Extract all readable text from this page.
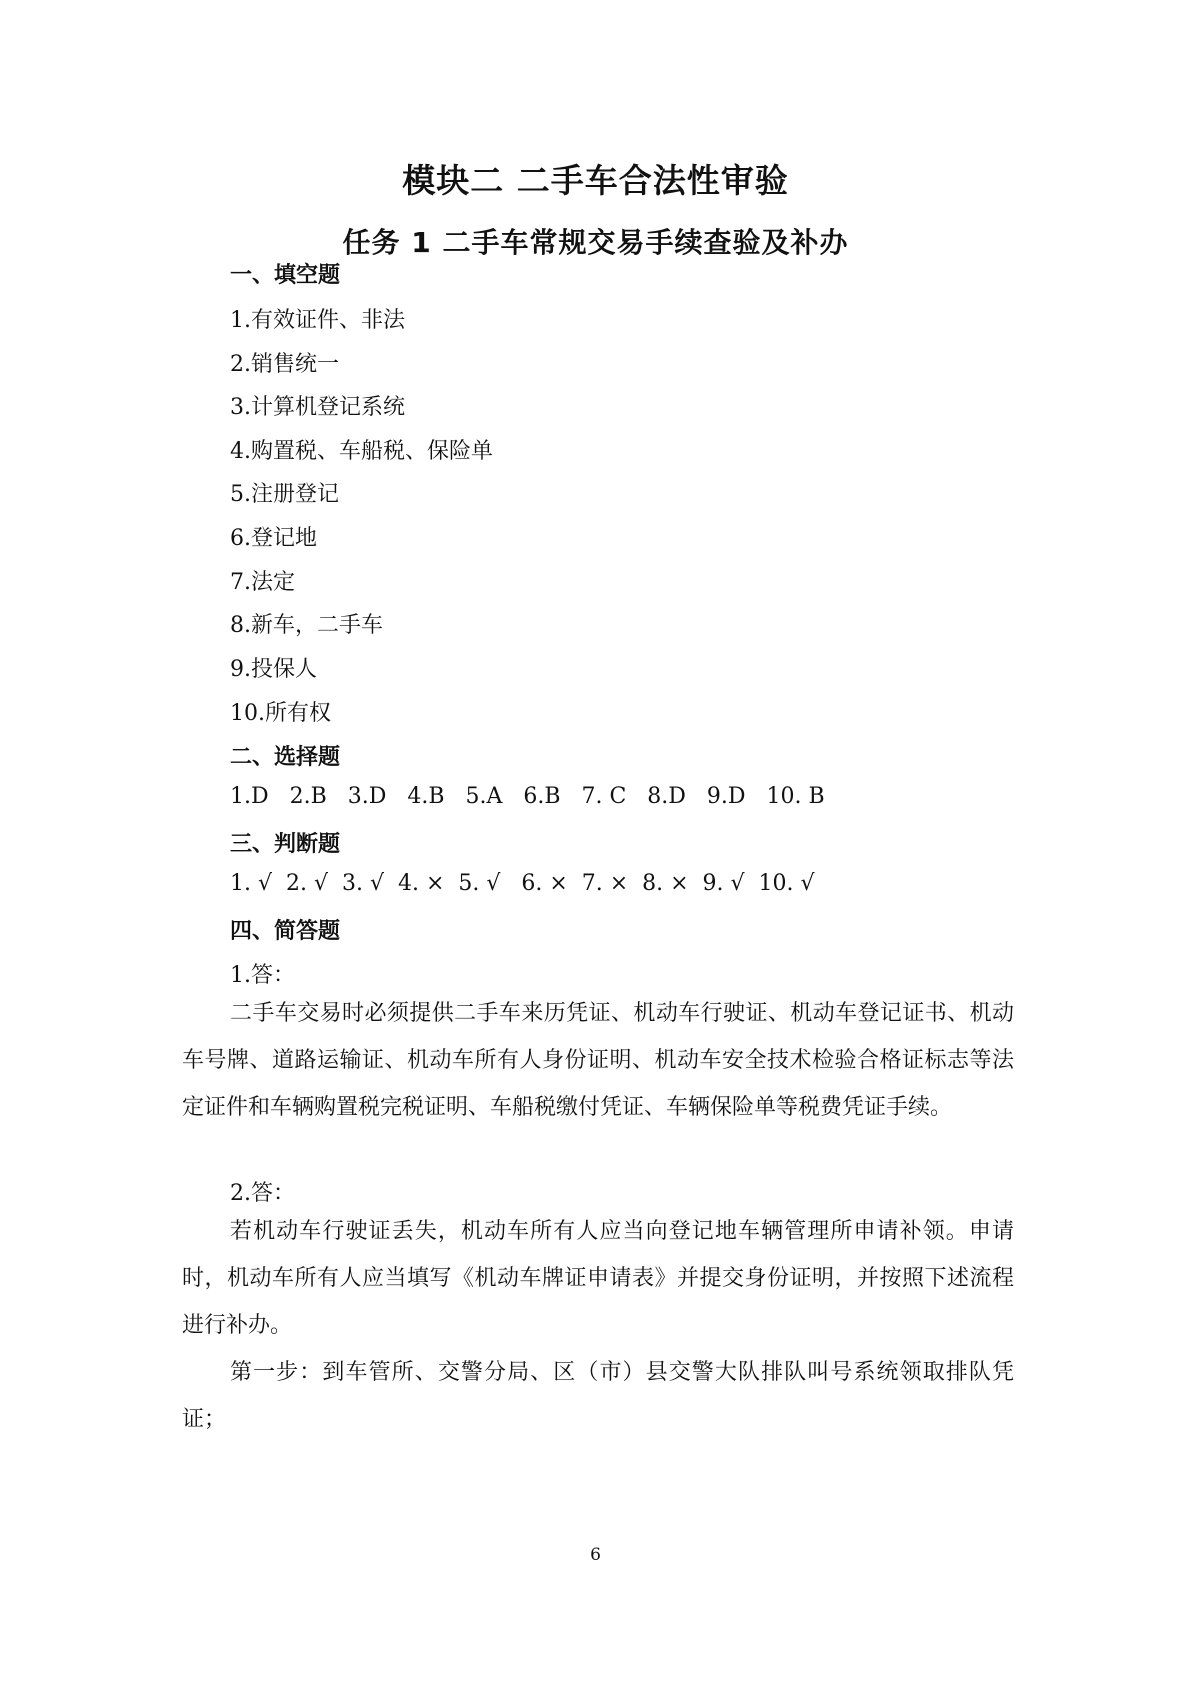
模块二 二手车合法性审验
任务 1 二手车常规交易手续查验及补办
一、填空题
1.有效证件、非法
2.销售统一
3.计算机登记系统
4.购置税、车船税、保险单
5.注册登记
6.登记地
7.法定
8.新车，二手车
9.投保人
10.所有权
二、选择题
1.D   2.B   3.D   4.B   5.A   6.B   7. C   8.D   9.D   10. B
三、判断题
1. √  2. √  3. √  4. ×  5. √   6. ×  7. ×  8. ×  9. √  10. √
四、简答题
1.答：
二手车交易时必须提供二手车来历凭证、机动车行驶证、机动车登记证书、机动车号牌、道路运输证、机动车所有人身份证明、机动车安全技术检验合格证标志等法定证件和车辆购置税完税证明、车船税缴付凭证、车辆保险单等税费凭证手续。
2.答：
若机动车行驶证丢失，机动车所有人应当向登记地车辆管理所申请补领。申请时，机动车所有人应当填写《机动车牌证申请表》并提交身份证明，并按照下述流程进行补办。
第一步：到车管所、交警分局、区（市）县交警大队排队叫号系统领取排队凭证；
6
